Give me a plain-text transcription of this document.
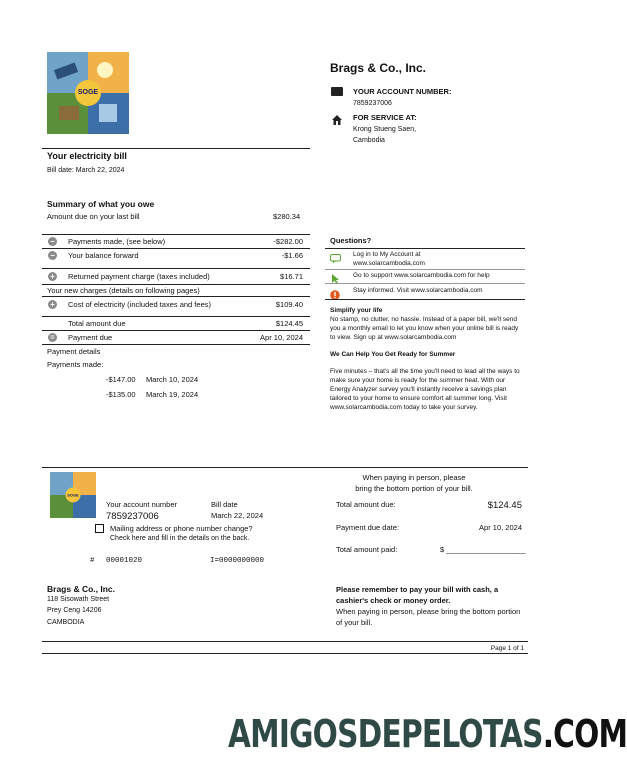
SOGE
Brags & Co., Inc.
YOUR ACCOUNT NUMBER:
7859237006
FOR SERVICE AT:
Krong Stueng Saen,
Cambodia
Your electricity bill
Bill date: March 22, 2024
Summary of what you owe
Amount due on your last bill	$280.34
− Payments made, (see below)	-$282.00
− Your balance forward	-$1.66
+ Returned payment charge (taxes included)	$16.71
Your new charges (details on following pages)
+ Cost of electricity (included taxes and fees)	$109.40
Total amount due	$124.45
= Payment due	Apr 10, 2024
Payment details
Payments made:
-$147.00 March 10, 2024
-$135.00 March 19, 2024
Questions?
Log in to My Account at
www.solarcambodia.com
Go to support www.solarcambodia.com for help
Stay informed. Visit www.solarcambodia.com
Simplify your life
No stamp, no clutter, no hassle. Instead of a paper bill, we'll send you a monthly email to let you know when your online bill is ready to view. Sign up at www.solarcambodia.com
We Can Help You Get Ready for Summer
Five minutes – that's all the time you'll need to lead all the ways to make sure your home is ready for the summer heat. With our Energy Analyzer survey you'll instantly receive a savings plan tailored to your home to ensure comfort all summer long. Visit www.solarcambodia.com today to take your survey.
When paying in person, please
bring the bottom portion of your bill.
SOGE
Your account number
7859237006
Bill date
March 22, 2024
Mailing address or phone number change?
Check here and fill in the details on the back.
# 00001020	I=0000000000
Total amount due:	$124.45
Payment due date:	Apr 10, 2024
Total amount paid:	$ ___________________
Brags & Co., Inc.
118 Sisowath Street
Prey Ceng 14206
CAMBODIA
Please remember to pay your bill with cash, a cashier's check or money order.
When paying in person, please bring the bottom portion of your bill.
Page 1 of 1
AMIGOSDEPELOTAS.COM
